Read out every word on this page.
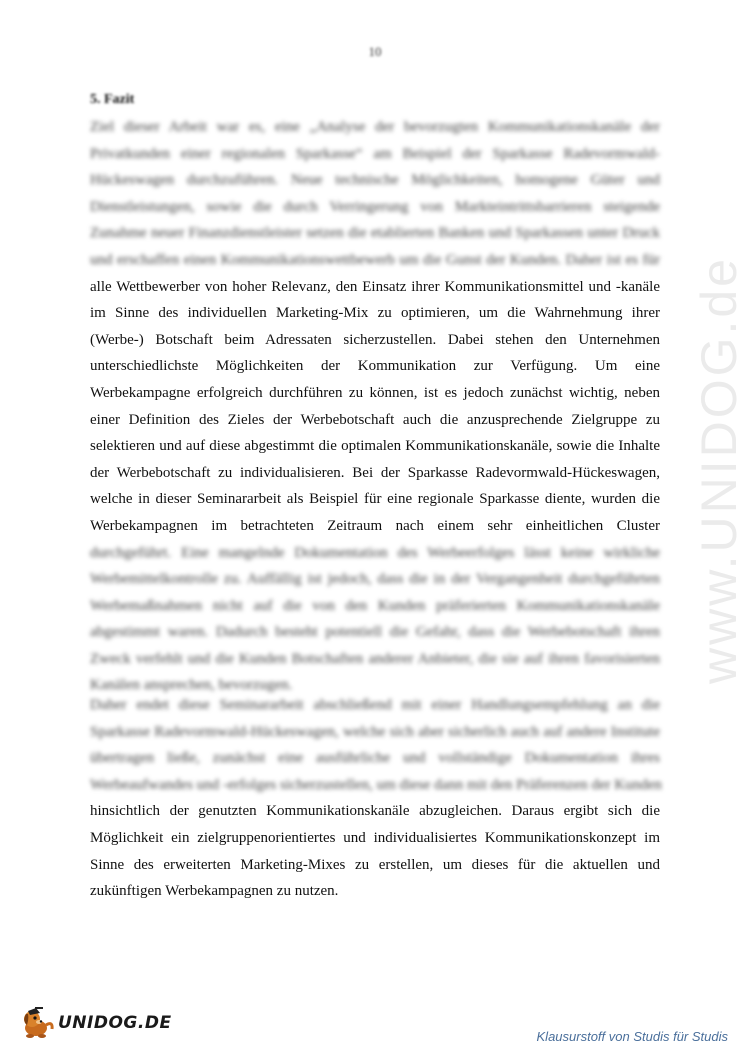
10
5. Fazit
Ziel dieser Arbeit war es, eine „Analyse der bevorzugten Kommunikationskanäle der
Privatkunden einer regionalen Sparkasse“ am Beispiel der Sparkasse Radevormwald-
Hückeswagen durchzuführen. Neue technische Möglichkeiten, homogene Güter und
Dienstleistungen, sowie die durch Verringerung von Markteintrittsbarrieren steigende
Zunahme neuer Finanzdienstleister setzen die etablierten Banken und Sparkassen unter Druck
und erschaffen einen Kommunikationswettbewerb um die Gunst der Kunden. Daher ist es für
alle Wettbewerber von hoher Relevanz, den Einsatz ihrer Kommunikationsmittel und -kanäle
im Sinne des individuellen Marketing-Mix zu optimieren, um die Wahrnehmung ihrer
(Werbe-) Botschaft beim Adressaten sicherzustellen. Dabei stehen den Unternehmen
unterschiedlichste Möglichkeiten der Kommunikation zur Verfügung. Um eine
Werbekampagne erfolgreich durchführen zu können, ist es jedoch zunächst wichtig, neben
einer Definition des Zieles der Werbebotschaft auch die anzusprechende Zielgruppe zu
selektieren und auf diese abgestimmt die optimalen Kommunikationskanäle, sowie die Inhalte
der Werbebotschaft zu individualisieren. Bei der Sparkasse Radevormwald-Hückeswagen,
welche in dieser Seminararbeit als Beispiel für eine regionale Sparkasse diente, wurden die
Werbekampagnen im betrachteten Zeitraum nach einem sehr einheitlichen Cluster
durchgeführt. Eine mangelnde Dokumentation des Werbeerfolges lässt keine wirkliche
Werbemittelkontrolle zu. Auffällig ist jedoch, dass die in der Vergangenheit durchgeführten
Werbemaßnahmen nicht auf die von den Kunden präferierten Kommunikationskanäle
abgestimmt waren. Dadurch besteht potentiell die Gefahr, dass die Werbebotschaft ihren
Zweck verfehlt und die Kunden Botschaften anderer Anbieter, die sie auf ihren favorisierten
Kanälen ansprechen, bevorzugen.
Daher endet diese Seminararbeit abschließend mit einer Handlungsempfehlung an die
Sparkasse Radevormwald-Hückeswagen, welche sich aber sicherlich auch auf andere Institute
übertragen ließe, zunächst eine ausführliche und vollständige Dokumentation ihres
Werbeaufwandes und -erfolges sicherzustellen, um diese dann mit den Präferenzen der Kunden
hinsichtlich der genutzten Kommunikationskanäle abzugleichen. Daraus ergibt sich die
Möglichkeit ein zielgruppenorientiertes und individualisiertes Kommunikationskonzept im
Sinne des erweiterten Marketing-Mixes zu erstellen, um dieses für die aktuellen und
zukünftigen Werbekampagnen zu nutzen.
www.UNIDOG.de
UNIDOG.DE
Klausurstoff von Studis für Studis
